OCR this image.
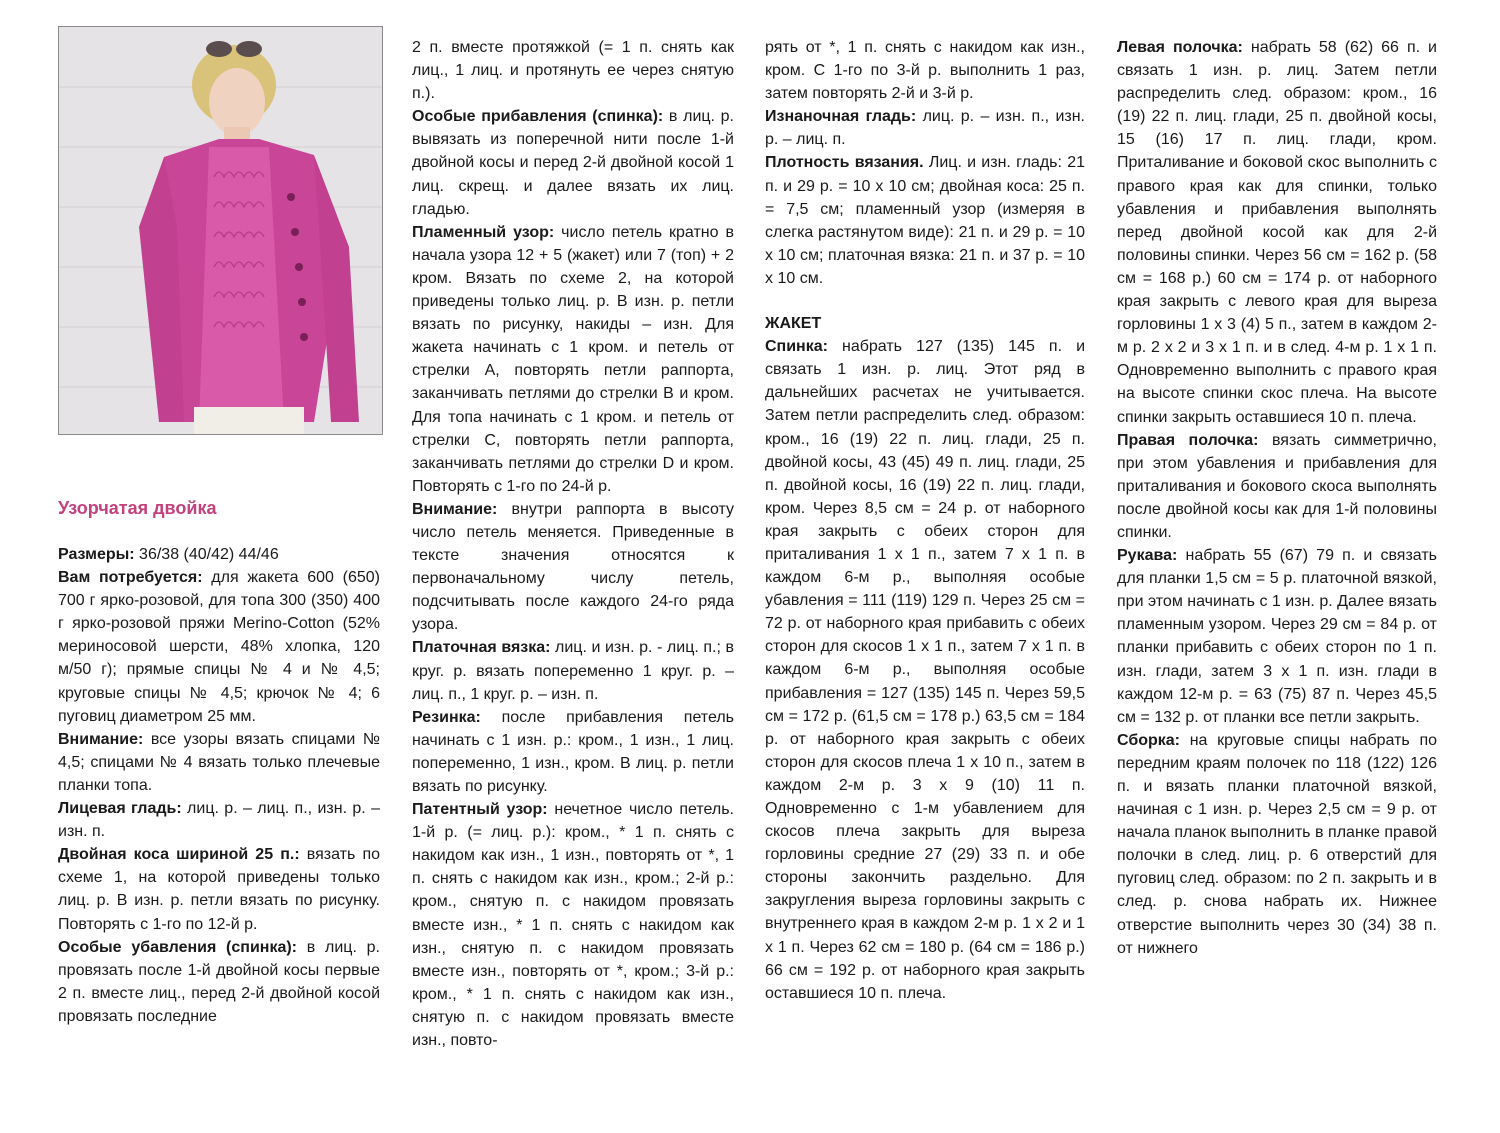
Узорчатая двойка

Размеры: 36/38 (40/42) 44/46

Вам потребуется: для жакета 600 (650) 700 г ярко-розовой, для топа 300 (350) 400 г ярко-розовой пряжи Merino-Cotton (52% мериносовой шерсти, 48% хлопка, 120 м/50 г); прямые спицы № 4 и № 4,5; круговые спицы № 4,5; крючок № 4; 6 пуговиц диаметром 25 мм.

Внимание: все узоры вязать спицами № 4,5; спицами № 4 вязать только плечевые планки топа.

Лицевая гладь: лиц. р. – лиц. п., изн. р. – изн. п.

Двойная коса шириной 25 п.: вязать по схеме 1, на которой приведены только лиц. р. В изн. р. петли вязать по рисунку. Повторять с 1-го по 12-й р.

Особые убавления (спинка): в лиц. р. провязать после 1-й двойной косы первые 2 п. вместе лиц., перед 2-й двойной косой провязать последние

2 п. вместе протяжкой (= 1 п. снять как лиц., 1 лиц. и протянуть ее через снятую п.).

Особые прибавления (спинка): в лиц. р. вывязать из поперечной нити после 1-й двойной косы и перед 2-й двойной косой 1 лиц. скрещ. и далее вязать их лиц. гладью.

Пламенный узор: число петель кратно в начала узора 12 + 5 (жакет) или 7 (топ) + 2 кром. Вязать по схеме 2, на которой приведены только лиц. р. В изн. р. петли вязать по рисунку, накиды – изн. Для жакета начинать с 1 кром. и петель от стрелки А, повторять петли раппорта, заканчивать петлями до стрелки В и кром. Для топа начинать с 1 кром. и петель от стрелки С, повторять петли раппорта, заканчивать петлями до стрелки D и кром. Повторять с 1-го по 24-й р.

Внимание: внутри раппорта в высоту число петель меняется. Приведенные в тексте значения относятся к первоначальному числу петель, подсчитывать после каждого 24-го ряда узора.

Платочная вязка: лиц. и изн. р. - лиц. п.; в круг. р. вязать попеременно 1 круг. р. – лиц. п., 1 круг. р. – изн. п.

Резинка: после прибавления петель начинать с 1 изн. р.: кром., 1 изн., 1 лиц. попеременно, 1 изн., кром. В лиц. р. петли вязать по рисунку.

Патентный узор: нечетное число петель. 1-й р. (= лиц. р.): кром., * 1 п. снять с накидом как изн., 1 изн., повторять от *, 1 п. снять с накидом как изн., кром.; 2-й р.: кром., снятую п. с накидом провязать вместе изн., * 1 п. снять с накидом как изн., снятую п. с накидом провязать вместе изн., повторять от *, кром.; 3-й р.: кром., * 1 п. снять с накидом как изн., снятую п. с накидом провязать вместе изн., повто-

рять от *, 1 п. снять с накидом как изн., кром. С 1-го по 3-й р. выполнить 1 раз, затем повторять 2-й и 3-й р.

Изнаночная гладь: лиц. р. – изн. п., изн. р. – лиц. п.

Плотность вязания. Лиц. и изн. гладь: 21 п. и 29 р. = 10 х 10 см; двойная коса: 25 п. = 7,5 см; пламенный узор (измеряя в слегка растянутом виде): 21 п. и 29 р. = 10 х 10 см; платочная вязка: 21 п. и 37 р. = 10 х 10 см.

ЖАКЕТ

Спинка: набрать 127 (135) 145 п. и связать 1 изн. р. лиц. Этот ряд в дальнейших расчетах не учитывается. Затем петли распределить след. образом: кром., 16 (19) 22 п. лиц. глади, 25 п. двойной косы, 43 (45) 49 п. лиц. глади, 25 п. двойной косы, 16 (19) 22 п. лиц. глади, кром. Через 8,5 см = 24 р. от наборного края закрыть с обеих сторон для приталивания 1 х 1 п., затем 7 х 1 п. в каждом 6-м р., выполняя особые убавления = 111 (119) 129 п. Через 25 см = 72 р. от наборного края прибавить с обеих сторон для скосов 1 х 1 п., затем 7 х 1 п. в каждом 6-м р., выполняя особые прибавления = 127 (135) 145 п. Через 59,5 см = 172 р. (61,5 см = 178 р.) 63,5 см = 184 р. от наборного края закрыть с обеих сторон для скосов плеча 1 х 10 п., затем в каждом 2-м р. 3 х 9 (10) 11 п. Одновременно с 1-м убавлением для скосов плеча закрыть для выреза горловины средние 27 (29) 33 п. и обе стороны закончить раздельно. Для закругления выреза горловины закрыть с внутреннего края в каждом 2-м р. 1 х 2 и 1 х 1 п. Через 62 см = 180 р. (64 см = 186 р.) 66 см = 192 р. от наборного края закрыть оставшиеся 10 п. плеча.

Левая полочка: набрать 58 (62) 66 п. и связать 1 изн. р. лиц. Затем петли распределить след. образом: кром., 16 (19) 22 п. лиц. глади, 25 п. двойной косы, 15 (16) 17 п. лиц. глади, кром. Приталивание и боковой скос выполнить с правого края как для спинки, только убавления и прибавления выполнять перед двойной косой как для 2-й половины спинки. Через 56 см = 162 р. (58 см = 168 р.) 60 см = 174 р. от наборного края закрыть с левого края для выреза горловины 1 х 3 (4) 5 п., затем в каждом 2-м р. 2 х 2 и 3 х 1 п. и в след. 4-м р. 1 х 1 п. Одновременно выполнить с правого края на высоте спинки скос плеча. На высоте спинки закрыть оставшиеся 10 п. плеча.

Правая полочка: вязать симметрично, при этом убавления и прибавления для приталивания и бокового скоса выполнять после двойной косы как для 1-й половины спинки.

Рукава: набрать 55 (67) 79 п. и связать для планки 1,5 см = 5 р. платочной вязкой, при этом начинать с 1 изн. р. Далее вязать пламенным узором. Через 29 см = 84 р. от планки прибавить с обеих сторон по 1 п. изн. глади, затем 3 х 1 п. изн. глади в каждом 12-м р. = 63 (75) 87 п. Через 45,5 см = 132 р. от планки все петли закрыть.

Сборка: на круговые спицы набрать по передним краям полочек по 118 (122) 126 п. и вязать планки платочной вязкой, начиная с 1 изн. р. Через 2,5 см = 9 р. от начала планок выполнить в планке правой полочки в след. лиц. р. 6 отверстий для пуговиц след. образом: по 2 п. закрыть и в след. р. снова набрать их. Нижнее отверстие выполнить через 30 (34) 38 п. от нижнего
